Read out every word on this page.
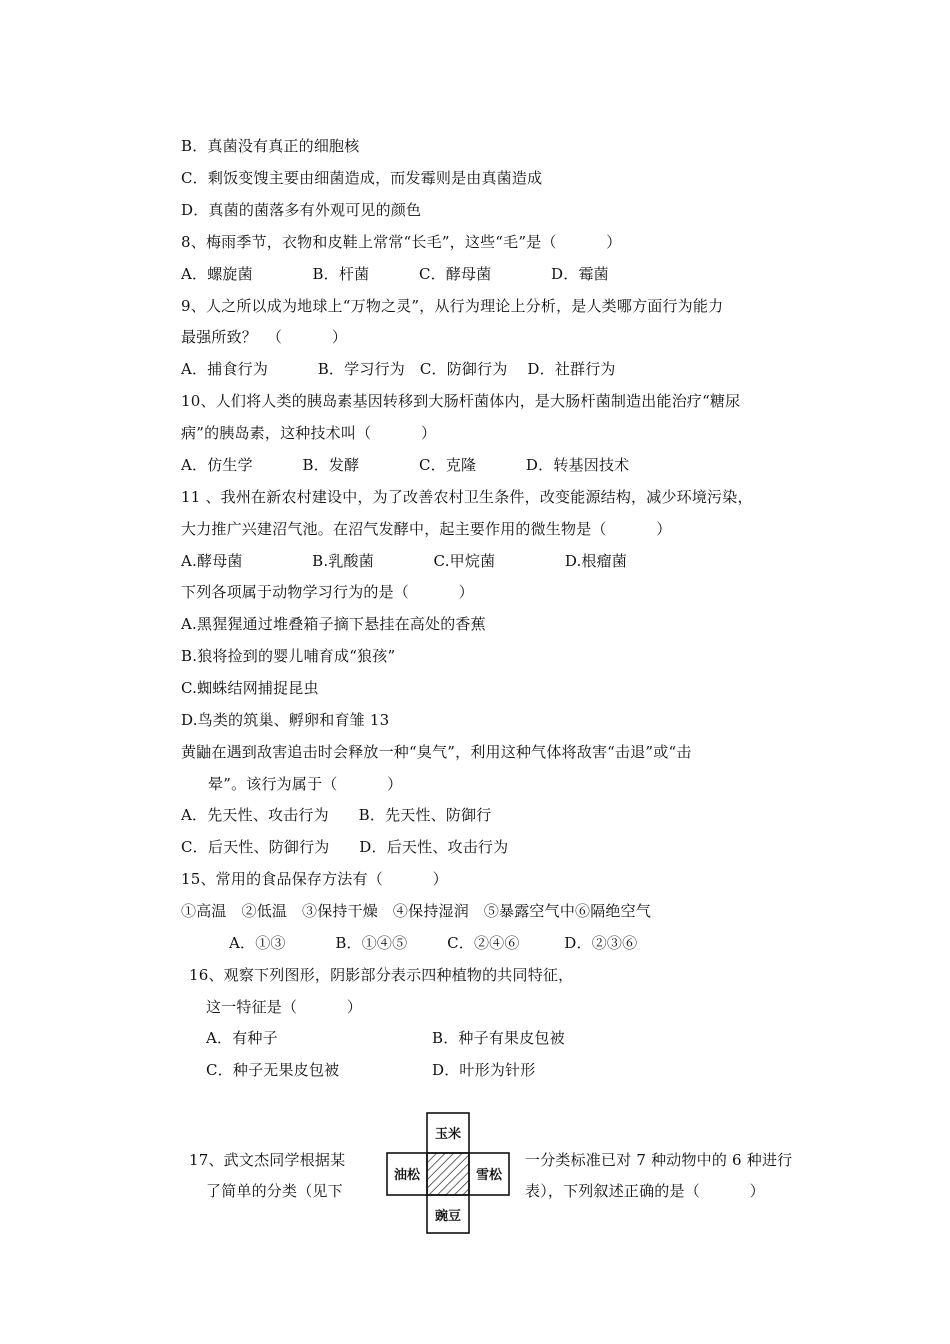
B．真菌没有真正的细胞核
C．剩饭变馊主要由细菌造成，而发霉则是由真菌造成
D．真菌的菌落多有外观可见的颜色
8、梅雨季节，衣物和皮鞋上常常“长毛”，这些“毛”是（          ）
A．螺旋菌            B．杆菌          C．酵母菌            D．霉菌
9、人之所以成为地球上“万物之灵”，从行为理论上分析，是人类哪方面行为能力
最强所致？  （          ）
A．捕食行为          B．学习行为   C．防御行为    D．社群行为
10、人们将人类的胰岛素基因转移到大肠杆菌体内，是大肠杆菌制造出能治疗“糖尿
病”的胰岛素，这种技术叫（          ）
A．仿生学          B．发酵            C．克隆          D．转基因技术
11 、我州在新农村建设中，为了改善农村卫生条件，改变能源结构，减少环境污染，
大力推广兴建沼气池。在沼气发酵中，起主要作用的微生物是（          ）
A.酵母菌              B.乳酸菌            C.甲烷菌              D.根瘤菌
下列各项属于动物学习行为的是（          ）
A.黑猩猩通过堆叠箱子摘下悬挂在高处的香蕉
B.狼将捡到的婴儿哺育成“狼孩”
C.蜘蛛结网捕捉昆虫
D.鸟类的筑巢、孵卵和育雏 13
黄鼬在遇到敌害追击时会释放一种“臭气”，利用这种气体将敌害“击退”或“击
晕”。该行为属于（          ）
A．先天性、攻击行为      B．先天性、防御行
C．后天性、防御行为      D．后天性、攻击行为
15、常用的食品保存方法有（          ）
①高温   ②低温   ③保持干燥   ④保持湿润   ⑤暴露空气中⑥隔绝空气
A．①③          B．①④⑤        C．②④⑥         D．②③⑥
16、观察下列图形，阴影部分表示四种植物的共同特征，
这一特征是（          ）
A．有种子	B．种子有果皮包被
C．种子无果皮包被	D．叶形为针形
17、武文杰同学根据某	一分类标准已对 7 种动物中的 6 种进行
了简单的分类（见下	表），下列叙述正确的是（          ）
玉米
油松	雪松
豌豆
